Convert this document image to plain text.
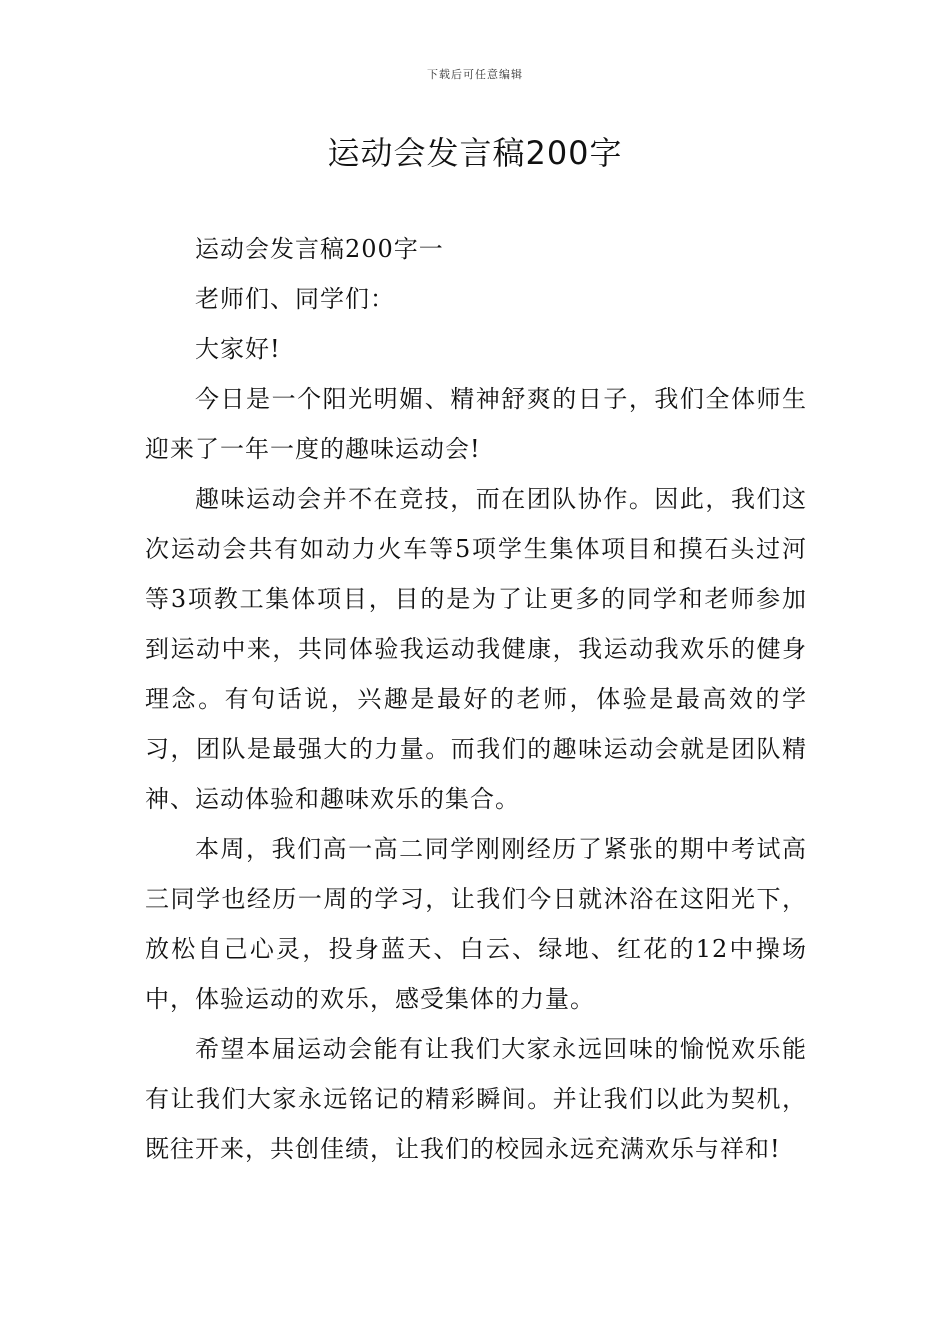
下载后可任意编辑
运动会发言稿200字

运动会发言稿200字一

老师们、同学们：

大家好!

今日是一个阳光明媚、精神舒爽的日子，我们全体师生迎来了一年一度的趣味运动会!

趣味运动会并不在竞技，而在团队协作。因此，我们这次运动会共有如动力火车等5项学生集体项目和摸石头过河等3项教工集体项目，目的是为了让更多的同学和老师参加到运动中来，共同体验我运动我健康，我运动我欢乐的健身理念。有句话说，兴趣是最好的老师，体验是最高效的学习，团队是最强大的力量。而我们的趣味运动会就是团队精神、运动体验和趣味欢乐的集合。

本周，我们高一高二同学刚刚经历了紧张的期中考试高三同学也经历一周的学习，让我们今日就沐浴在这阳光下，放松自己心灵，投身蓝天、白云、绿地、红花的12中操场中，体验运动的欢乐，感受集体的力量。

希望本届运动会能有让我们大家永远回味的愉悦欢乐能有让我们大家永远铭记的精彩瞬间。并让我们以此为契机，既往开来，共创佳绩，让我们的校园永远充满欢乐与祥和!
